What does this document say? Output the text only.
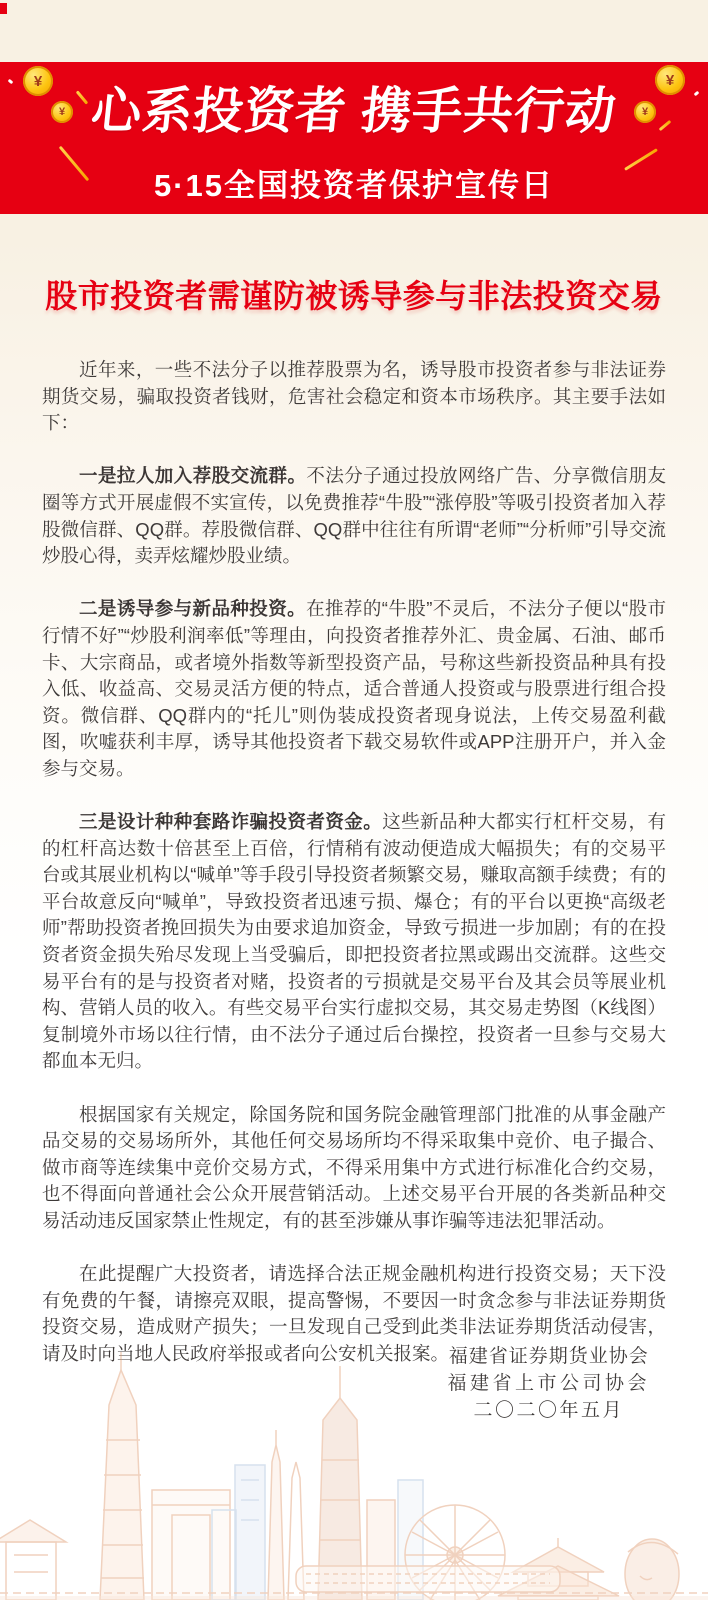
¥
¥
¥
¥
心系投资者 携手共行动
5·15全国投资者保护宣传日
股市投资者需谨防被诱导参与非法投资交易

近年来，一些不法分子以推荐股票为名，诱导股市投资者参与非法证券期货交易，骗取投资者钱财，危害社会稳定和资本市场秩序。其主要手法如下：

一是拉人加入荐股交流群。不法分子通过投放网络广告、分享微信朋友圈等方式开展虚假不实宣传，以免费推荐“牛股”“涨停股”等吸引投资者加入荐股微信群、QQ群。荐股微信群、QQ群中往往有所谓“老师”“分析师”引导交流炒股心得，卖弄炫耀炒股业绩。

二是诱导参与新品种投资。在推荐的“牛股”不灵后，不法分子便以“股市行情不好”“炒股利润率低”等理由，向投资者推荐外汇、贵金属、石油、邮币卡、大宗商品，或者境外指数等新型投资产品，号称这些新投资品种具有投入低、收益高、交易灵活方便的特点，适合普通人投资或与股票进行组合投资。微信群、QQ群内的“托儿”则伪装成投资者现身说法，上传交易盈利截图，吹嘘获利丰厚，诱导其他投资者下载交易软件或APP注册开户，并入金参与交易。

三是设计种种套路诈骗投资者资金。这些新品种大都实行杠杆交易，有的杠杆高达数十倍甚至上百倍，行情稍有波动便造成大幅损失；有的交易平台或其展业机构以“喊单”等手段引导投资者频繁交易，赚取高额手续费；有的平台故意反向“喊单”，导致投资者迅速亏损、爆仓；有的平台以更换“高级老师”帮助投资者挽回损失为由要求追加资金，导致亏损进一步加剧；有的在投资者资金损失殆尽发现上当受骗后，即把投资者拉黑或踢出交流群。这些交易平台有的是与投资者对赌，投资者的亏损就是交易平台及其会员等展业机构、营销人员的收入。有些交易平台实行虚拟交易，其交易走势图（K线图）复制境外市场以往行情，由不法分子通过后台操控，投资者一旦参与交易大都血本无归。

根据国家有关规定，除国务院和国务院金融管理部门批准的从事金融产品交易的交易场所外，其他任何交易场所均不得采取集中竞价、电子撮合、做市商等连续集中竞价交易方式，不得采用集中方式进行标准化合约交易，也不得面向普通社会公众开展营销活动。上述交易平台开展的各类新品种交易活动违反国家禁止性规定，有的甚至涉嫌从事诈骗等违法犯罪活动。

在此提醒广大投资者，请选择合法正规金融机构进行投资交易；天下没有免费的午餐，请擦亮双眼，提高警惕，不要因一时贪念参与非法证券期货投资交易，造成财产损失；一旦发现自己受到此类非法证券期货活动侵害，请及时向当地人民政府举报或者向公安机关报案。 福建省证券期货业协会
福建省上市公司协会
二〇二〇年五月
